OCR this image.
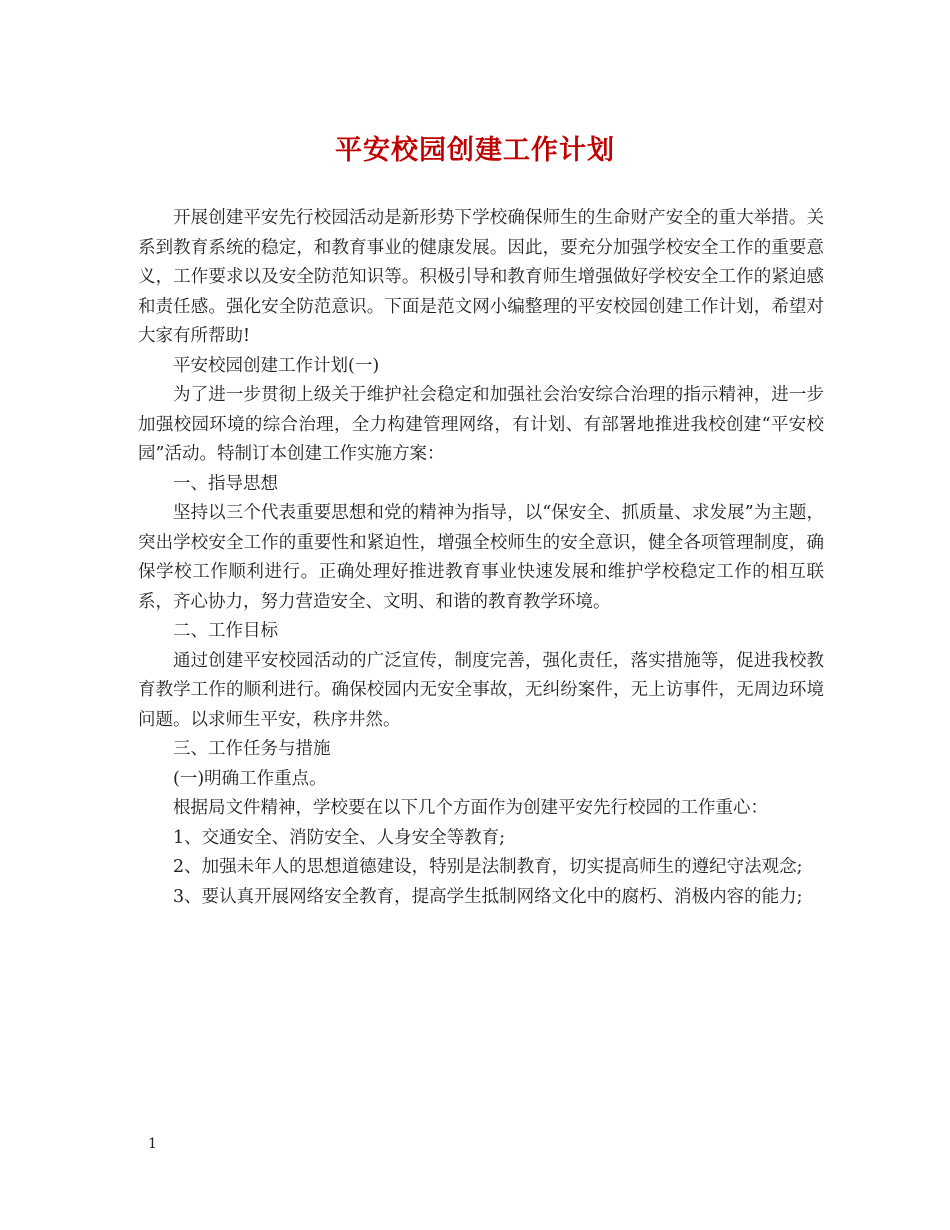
平安校园创建工作计划

开展创建平安先行校园活动是新形势下学校确保师生的生命财产安全的重大举措。关系到教育系统的稳定，和教育事业的健康发展。因此，要充分加强学校安全工作的重要意义，工作要求以及安全防范知识等。积极引导和教育师生增强做好学校安全工作的紧迫感和责任感。强化安全防范意识。下面是范文网小编整理的平安校园创建工作计划，希望对大家有所帮助!

平安校园创建工作计划(一)

为了进一步贯彻上级关于维护社会稳定和加强社会治安综合治理的指示精神，进一步加强校园环境的综合治理，全力构建管理网络，有计划、有部署地推进我校创建“平安校园”活动。特制订本创建工作实施方案：

一、指导思想

坚持以三个代表重要思想和党的精神为指导，以“保安全、抓质量、求发展”为主题，突出学校安全工作的重要性和紧迫性，增强全校师生的安全意识，健全各项管理制度，确保学校工作顺利进行。正确处理好推进教育事业快速发展和维护学校稳定工作的相互联系，齐心协力，努力营造安全、文明、和谐的教育教学环境。

二、工作目标

通过创建平安校园活动的广泛宣传，制度完善，强化责任，落实措施等，促进我校教育教学工作的顺利进行。确保校园内无安全事故，无纠纷案件，无上访事件，无周边环境问题。以求师生平安，秩序井然。

三、工作任务与措施

(一)明确工作重点。

根据局文件精神，学校要在以下几个方面作为创建平安先行校园的工作重心：

1、交通安全、消防安全、人身安全等教育;

2、加强未年人的思想道德建设，特别是法制教育，切实提高师生的遵纪守法观念;

3、要认真开展网络安全教育，提高学生抵制网络文化中的腐朽、消极内容的能力;

1
